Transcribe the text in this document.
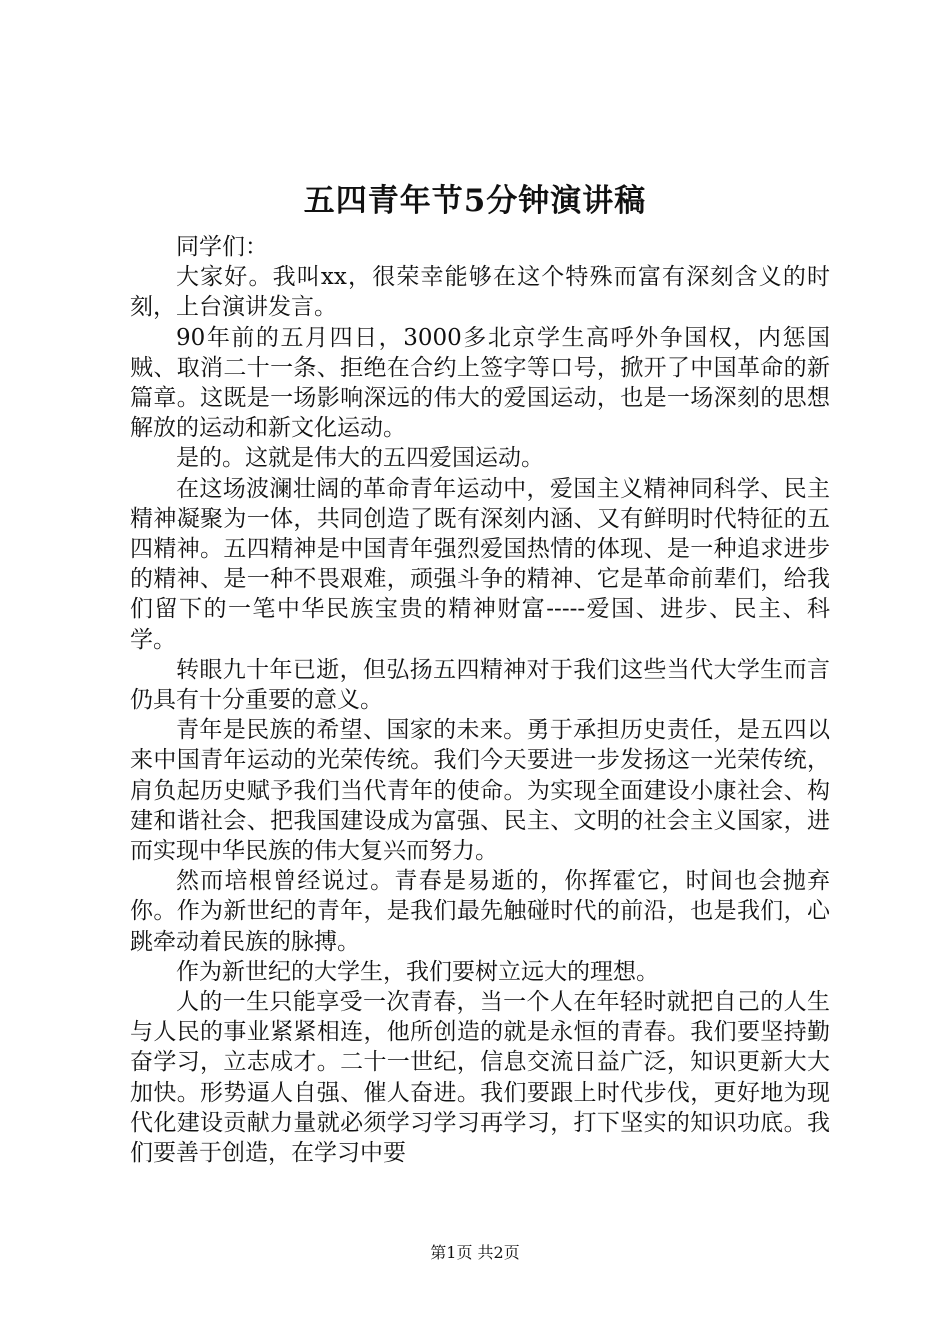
五四青年节5分钟演讲稿

同学们：

大家好。我叫xx，很荣幸能够在这个特殊而富有深刻含义的时刻，上台演讲发言。

90年前的五月四日，3000多北京学生高呼外争国权，内惩国贼、取消二十一条、拒绝在合约上签字等口号，掀开了中国革命的新篇章。这既是一场影响深远的伟大的爱国运动，也是一场深刻的思想解放的运动和新文化运动。

是的。这就是伟大的五四爱国运动。

在这场波澜壮阔的革命青年运动中，爱国主义精神同科学、民主精神凝聚为一体，共同创造了既有深刻内涵、又有鲜明时代特征的五四精神。五四精神是中国青年强烈爱国热情的体现、是一种追求进步的精神、是一种不畏艰难，顽强斗争的精神、它是革命前辈们，给我们留下的一笔中华民族宝贵的精神财富-----爱国、进步、民主、科学。

转眼九十年已逝，但弘扬五四精神对于我们这些当代大学生而言仍具有十分重要的意义。

青年是民族的希望、国家的未来。勇于承担历史责任，是五四以来中国青年运动的光荣传统。我们今天要进一步发扬这一光荣传统，肩负起历史赋予我们当代青年的使命。为实现全面建设小康社会、构建和谐社会、把我国建设成为富强、民主、文明的社会主义国家，进而实现中华民族的伟大复兴而努力。

然而培根曾经说过。青春是易逝的，你挥霍它，时间也会抛弃你。作为新世纪的青年，是我们最先触碰时代的前沿，也是我们，心跳牵动着民族的脉搏。

作为新世纪的大学生，我们要树立远大的理想。

人的一生只能享受一次青春，当一个人在年轻时就把自己的人生与人民的事业紧紧相连，他所创造的就是永恒的青春。我们要坚持勤奋学习，立志成才。二十一世纪，信息交流日益广泛，知识更新大大加快。形势逼人自强、催人奋进。我们要跟上时代步伐，更好地为现代化建设贡献力量就必须学习学习再学习，打下坚实的知识功底。我们要善于创造，在学习中要

第1页 共2页
